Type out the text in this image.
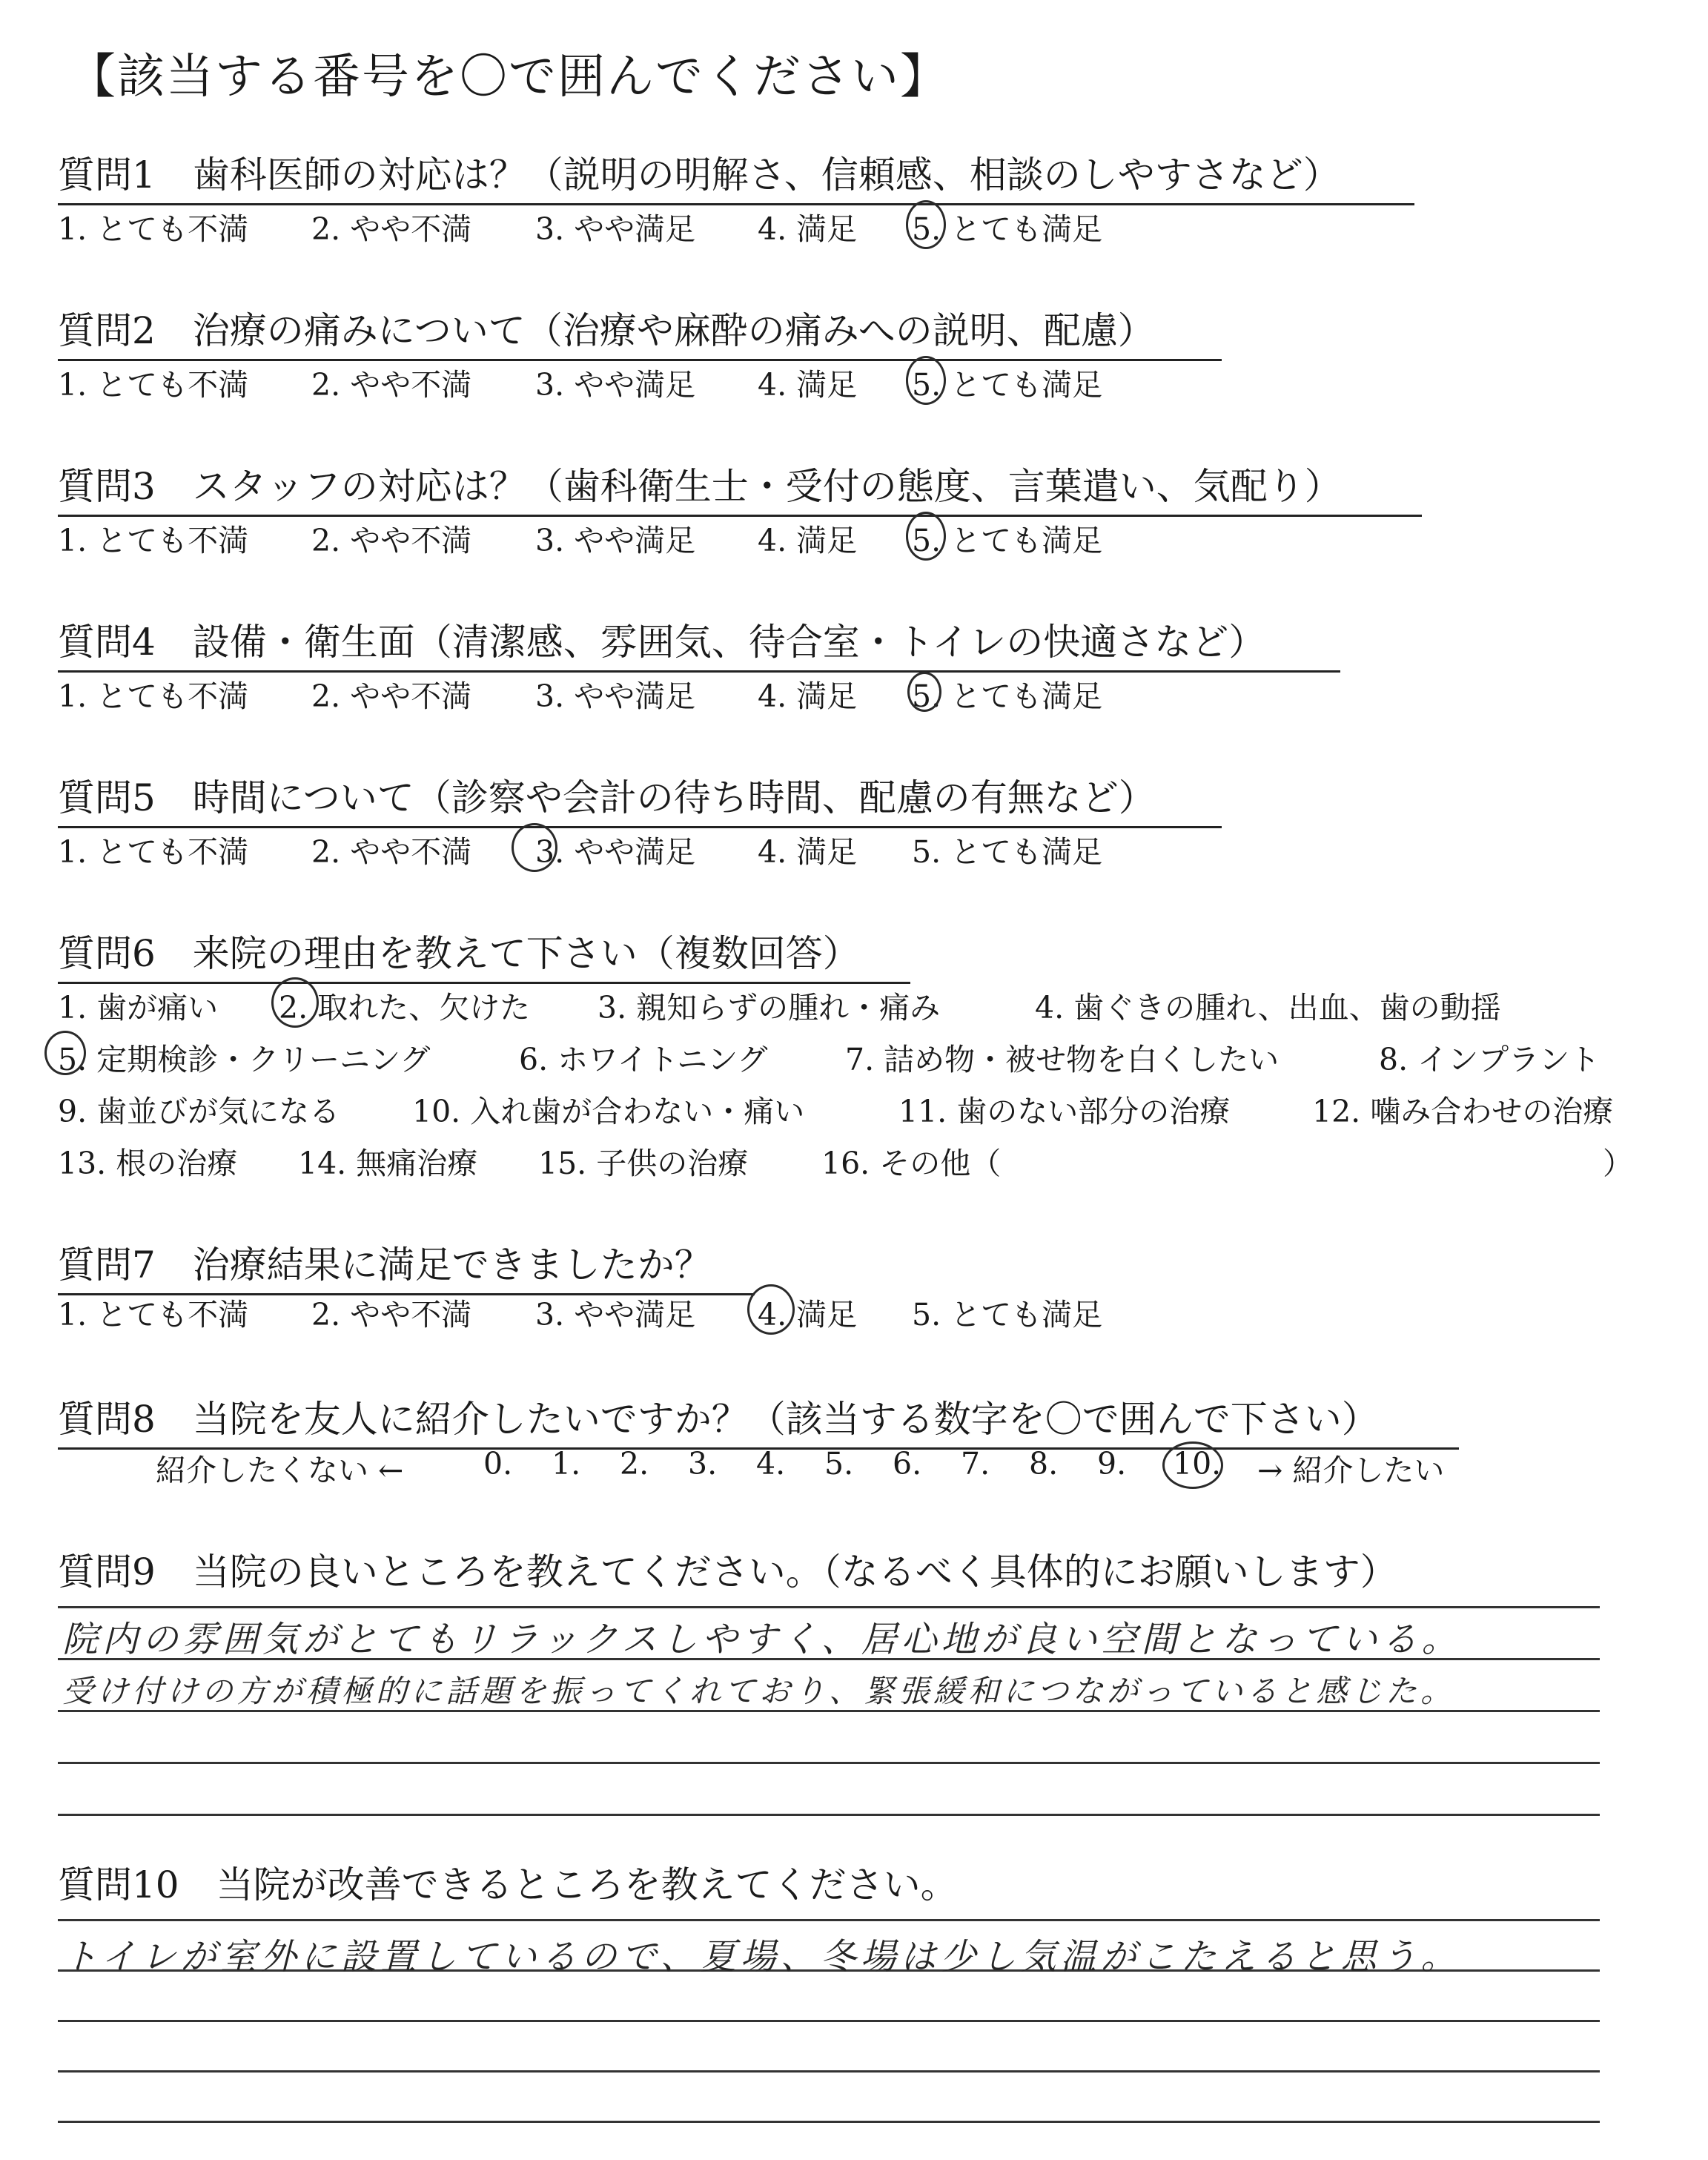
【該当する番号を〇で囲んでください】
質問1　歯科医師の対応は？（説明の明解さ、信頼感、相談のしやすさなど）
1. とても不満 2. やや不満 3. やや満足 4. 満足 5. とても満足
質問2　治療の痛みについて（治療や麻酔の痛みへの説明、配慮）
1. とても不満 2. やや不満 3. やや満足 4. 満足 5. とても満足
質問3　スタッフの対応は？（歯科衛生士・受付の態度、言葉遣い、気配り）
1. とても不満 2. やや不満 3. やや満足 4. 満足 5. とても満足
質問4　設備・衛生面（清潔感、雰囲気、待合室・トイレの快適さなど）
1. とても不満 2. やや不満 3. やや満足 4. 満足 5. とても満足
質問5　時間について（診察や会計の待ち時間、配慮の有無など）
1. とても不満 2. やや不満 3. やや満足 4. 満足 5. とても満足
質問6　来院の理由を教えて下さい（複数回答）
1. 歯が痛い 2. 取れた、欠けた 3. 親知らずの腫れ・痛み	4. 歯ぐきの腫れ、出血、歯の動揺
5. 定期検診・クリーニング	6. ホワイトニング	7. 詰め物・被せ物を白くしたい	8. インプラント
9. 歯並びが気になる 10. 入れ歯が合わない・痛い	11. 歯のない部分の治療	12. 噛み合わせの治療
13. 根の治療 14. 無痛治療 15. 子供の治療 16. その他（	）
質問7　治療結果に満足できましたか？
1. とても不満 2. やや不満 3. やや満足 4. 満足 5. とても満足
質問8　当院を友人に紹介したいですか？（該当する数字を〇で囲んで下さい）
紹介したくない ←	0. 1. 2. 3. 4. 5. 6. 7. 8. 9. 10. → 紹介したい
質問9　当院の良いところを教えてください。（なるべく具体的にお願いします）
院内の雰囲気がとてもリラックスしやすく、居心地が良い空間となっている。
受け付けの方が積極的に話題を振ってくれており、緊張緩和につながっていると感じた。
質問10　当院が改善できるところを教えてください。
トイレが室外に設置しているので、夏場、冬場は少し気温がこたえると思う。
